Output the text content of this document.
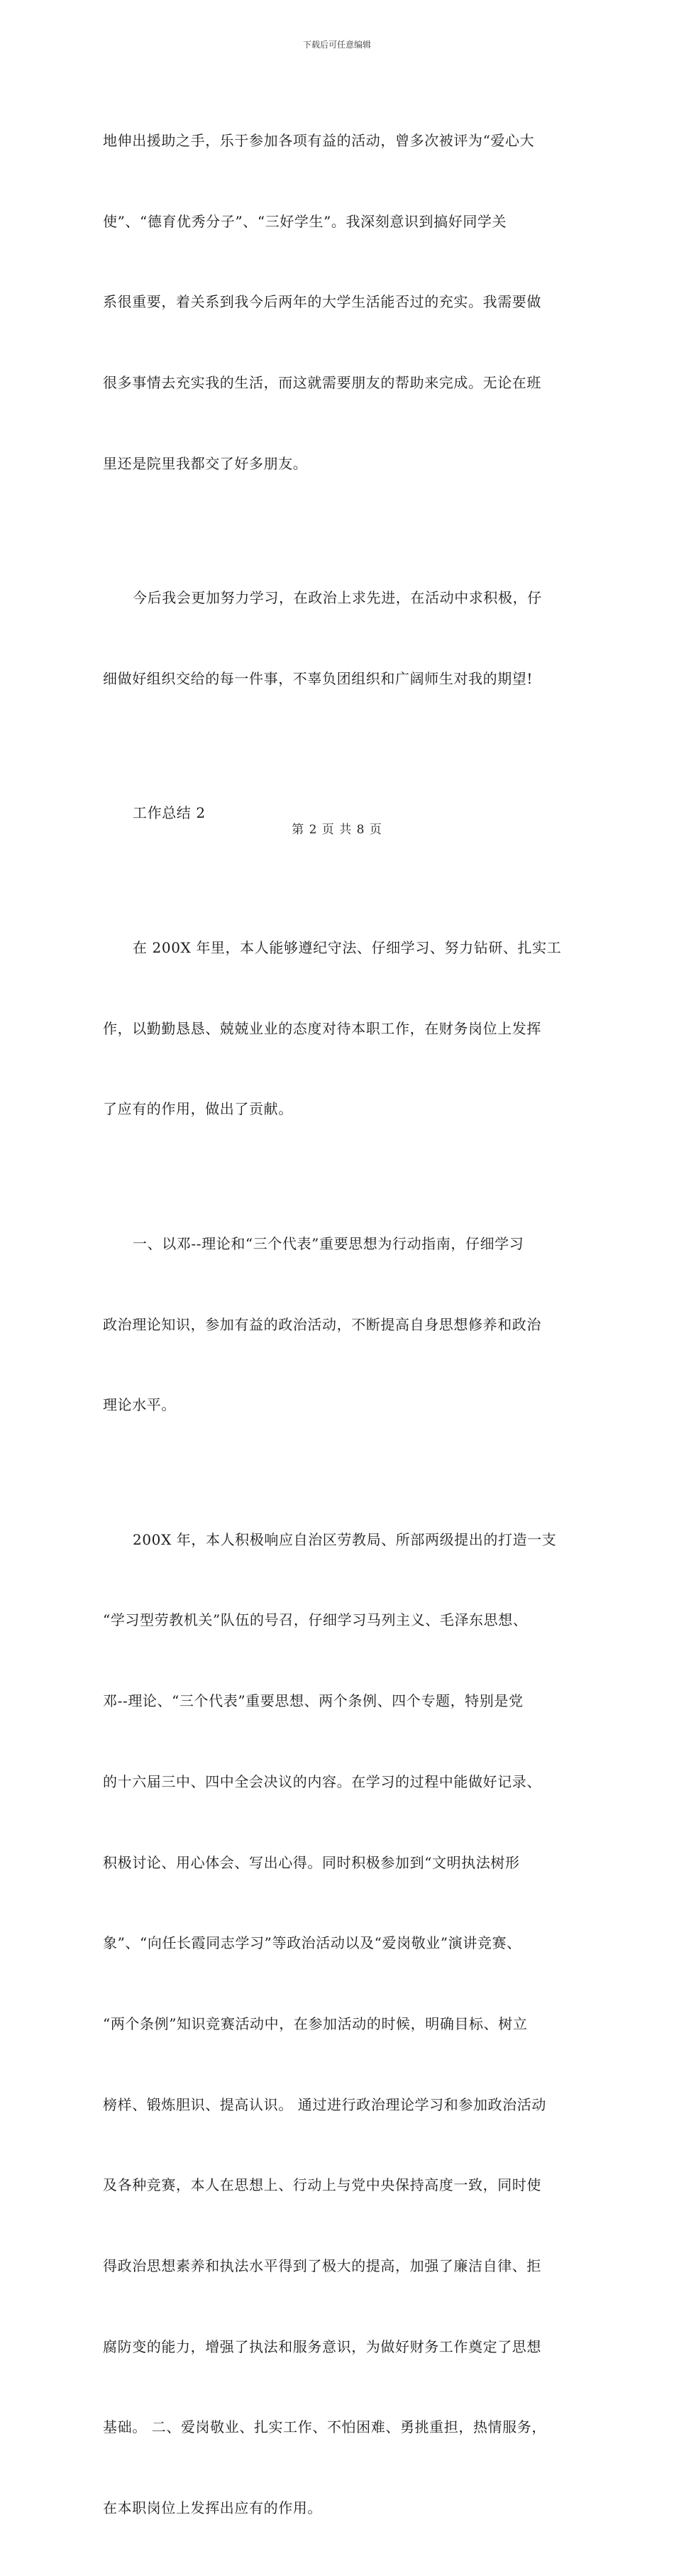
下载后可任意编辑

地伸出援助之手，乐于参加各项有益的活动，曾多次被评为“爱心大

使”、“德育优秀分子”、“三好学生”。我深刻意识到搞好同学关

系很重要，着关系到我今后两年的大学生活能否过的充实。我需要做

很多事情去充实我的生活，而这就需要朋友的帮助来完成。无论在班

里还是院里我都交了好多朋友。

今后我会更加努力学习，在政治上求先进，在活动中求积极，仔

细做好组织交给的每一件事，不辜负团组织和广阔师生对我的期望!

工作总结 2

在 200X 年里，本人能够遵纪守法、仔细学习、努力钻研、扎实工

作，以勤勤恳恳、兢兢业业的态度对待本职工作，在财务岗位上发挥

了应有的作用，做出了贡献。

一、以邓--理论和“三个代表”重要思想为行动指南，仔细学习

政治理论知识，参加有益的政治活动，不断提高自身思想修养和政治

理论水平。

200X 年，本人积极响应自治区劳教局、所部两级提出的打造一支

“学习型劳教机关”队伍的号召，仔细学习马列主义、毛泽东思想、

邓--理论、“三个代表”重要思想、两个条例、四个专题，特别是党

的十六届三中、四中全会决议的内容。在学习的过程中能做好记录、

积极讨论、用心体会、写出心得。同时积极参加到“文明执法树形

象”、“向任长霞同志学习”等政治活动以及“爱岗敬业”演讲竞赛、

“两个条例”知识竞赛活动中，在参加活动的时候，明确目标、树立

榜样、锻炼胆识、提高认识。 通过进行政治理论学习和参加政治活动

及各种竞赛，本人在思想上、行动上与党中央保持高度一致，同时使

得政治思想素养和执法水平得到了极大的提高，加强了廉洁自律、拒

腐防变的能力，增强了执法和服务意识，为做好财务工作奠定了思想

基础。 二、爱岗敬业、扎实工作、不怕困难、勇挑重担，热情服务，

在本职岗位上发挥出应有的作用。

第 2 页 共 8 页
